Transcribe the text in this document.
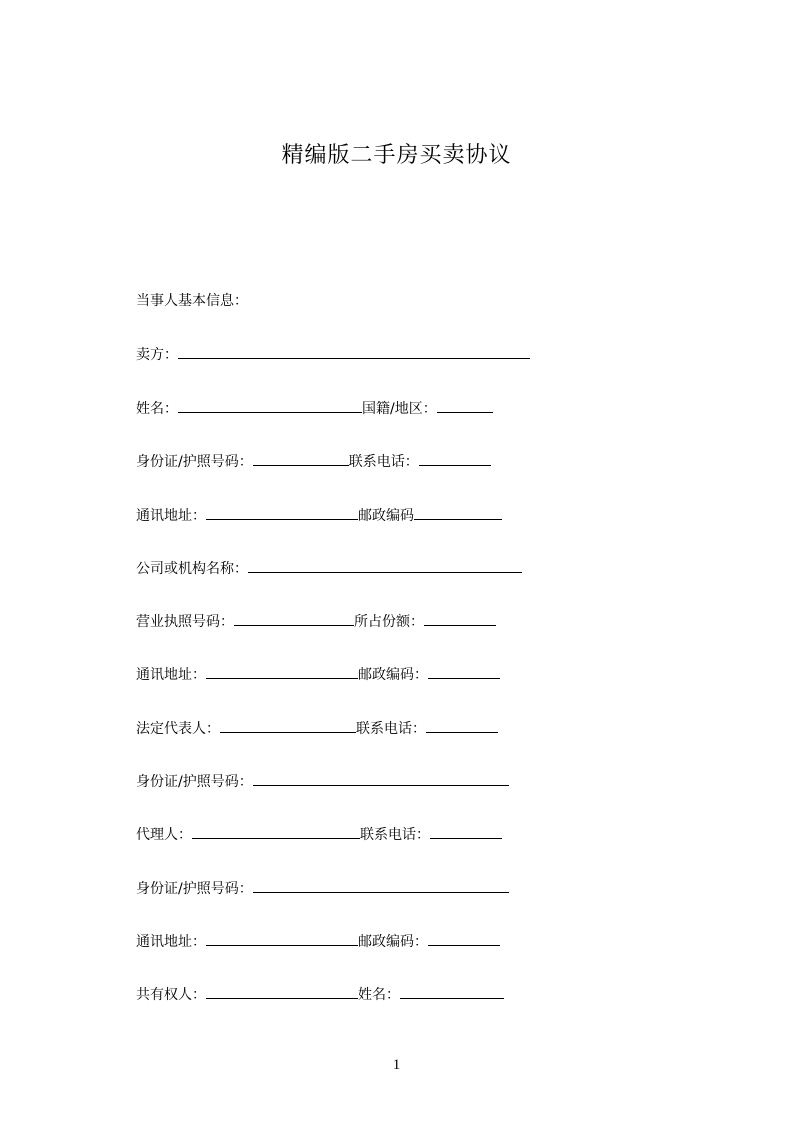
精编版二手房买卖协议
当事人基本信息：
卖方：
姓名：	国籍/地区：
身份证/护照号码：	联系电话：
通讯地址：	邮政编码
公司或机构名称：
营业执照号码：	所占份额：
通讯地址：	邮政编码：
法定代表人：	联系电话：
身份证/护照号码：
代理人：	联系电话：
身份证/护照号码：
通讯地址：	邮政编码：
共有权人：	姓名：
1
